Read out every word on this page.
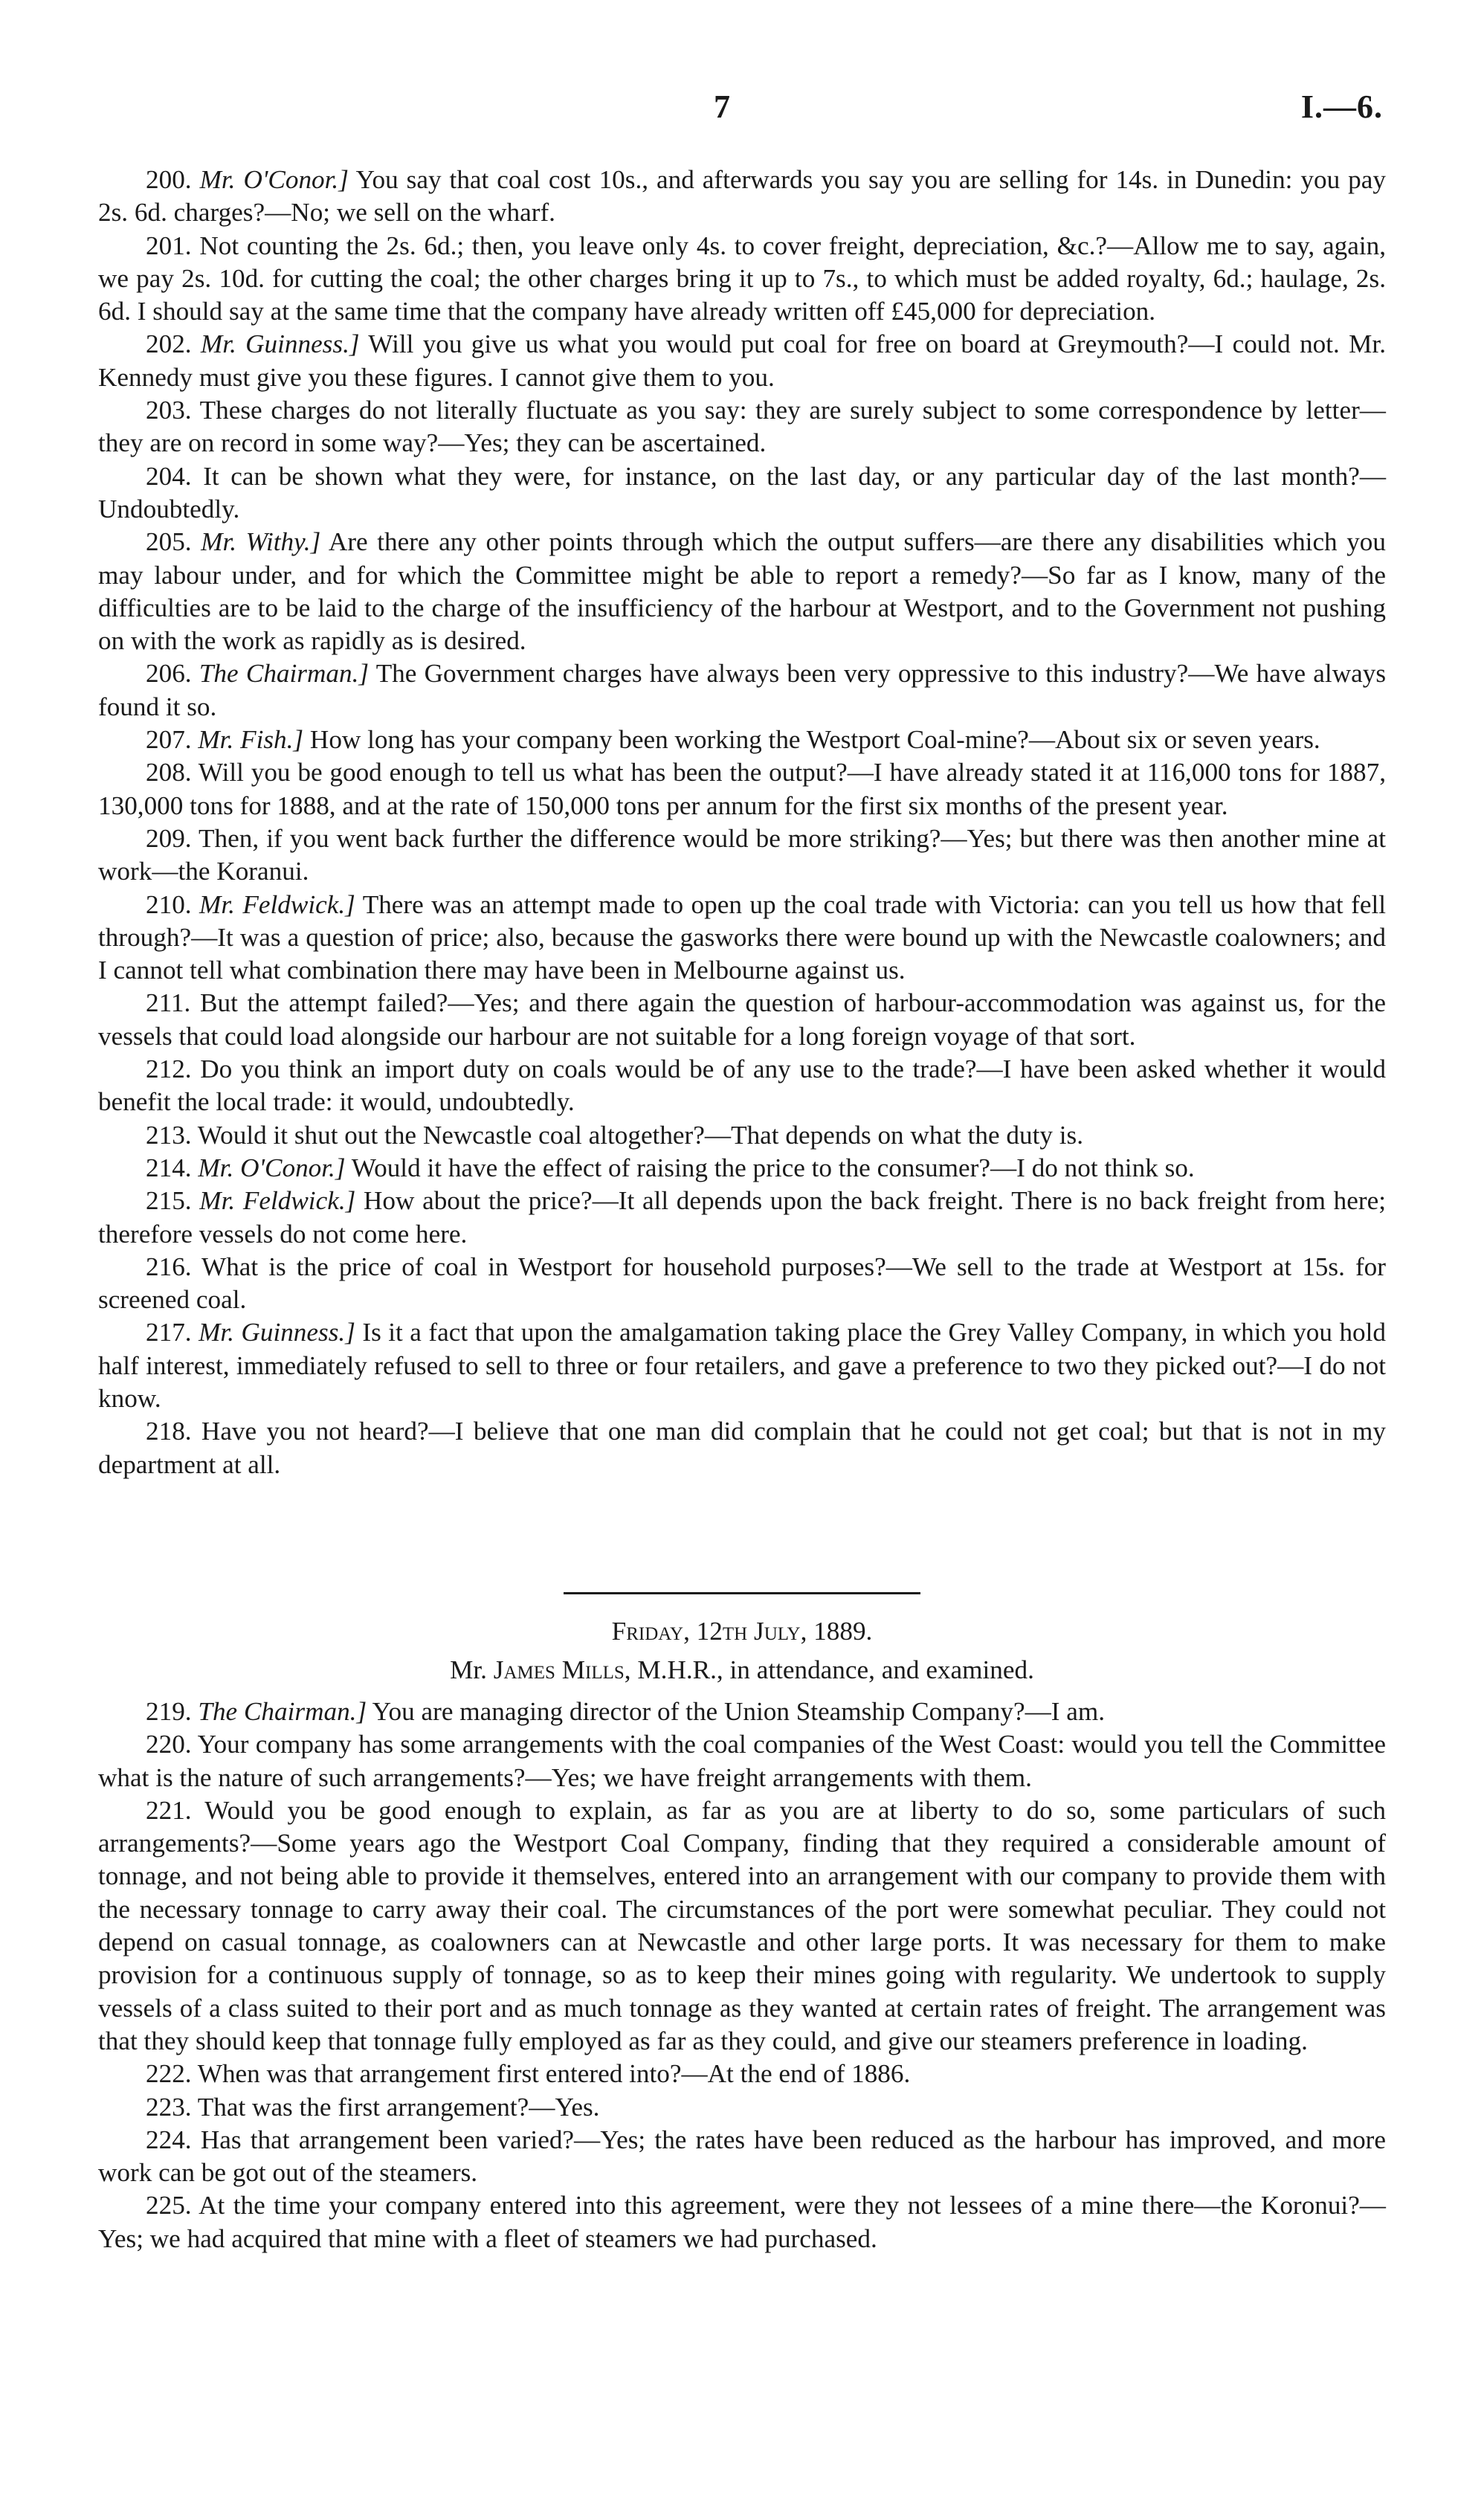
7	I.—6.

200. Mr. O'Conor.] You say that coal cost 10s., and afterwards you say you are selling for 14s. in Dunedin: you pay 2s. 6d. charges?—No; we sell on the wharf.

201. Not counting the 2s. 6d.; then, you leave only 4s. to cover freight, depreciation, &c.?—Allow me to say, again, we pay 2s. 10d. for cutting the coal; the other charges bring it up to 7s., to which must be added royalty, 6d.; haulage, 2s. 6d. I should say at the same time that the company have already written off £45,000 for depreciation.

202. Mr. Guinness.] Will you give us what you would put coal for free on board at Greymouth?—I could not. Mr. Kennedy must give you these figures. I cannot give them to you.

203. These charges do not literally fluctuate as you say: they are surely subject to some correspondence by letter—they are on record in some way?—Yes; they can be ascertained.

204. It can be shown what they were, for instance, on the last day, or any particular day of the last month?—Undoubtedly.

205. Mr. Withy.] Are there any other points through which the output suffers—are there any disabilities which you may labour under, and for which the Committee might be able to report a remedy?—So far as I know, many of the difficulties are to be laid to the charge of the insufficiency of the harbour at Westport, and to the Government not pushing on with the work as rapidly as is desired.

206. The Chairman.] The Government charges have always been very oppressive to this industry?—We have always found it so.

207. Mr. Fish.] How long has your company been working the Westport Coal-mine?—About six or seven years.

208. Will you be good enough to tell us what has been the output?—I have already stated it at 116,000 tons for 1887, 130,000 tons for 1888, and at the rate of 150,000 tons per annum for the first six months of the present year.

209. Then, if you went back further the difference would be more striking?—Yes; but there was then another mine at work—the Koranui.

210. Mr. Feldwick.] There was an attempt made to open up the coal trade with Victoria: can you tell us how that fell through?—It was a question of price; also, because the gasworks there were bound up with the Newcastle coalowners; and I cannot tell what combination there may have been in Melbourne against us.

211. But the attempt failed?—Yes; and there again the question of harbour-accommodation was against us, for the vessels that could load alongside our harbour are not suitable for a long foreign voyage of that sort.

212. Do you think an import duty on coals would be of any use to the trade?—I have been asked whether it would benefit the local trade: it would, undoubtedly.

213. Would it shut out the Newcastle coal altogether?—That depends on what the duty is.

214. Mr. O'Conor.] Would it have the effect of raising the price to the consumer?—I do not think so.

215. Mr. Feldwick.] How about the price?—It all depends upon the back freight. There is no back freight from here; therefore vessels do not come here.

216. What is the price of coal in Westport for household purposes?—We sell to the trade at Westport at 15s. for screened coal.

217. Mr. Guinness.] Is it a fact that upon the amalgamation taking place the Grey Valley Company, in which you hold half interest, immediately refused to sell to three or four retailers, and gave a preference to two they picked out?—I do not know.

218. Have you not heard?—I believe that one man did complain that he could not get coal; but that is not in my department at all.

Friday, 12th July, 1889.
Mr. James Mills, M.H.R., in attendance, and examined.

219. The Chairman.] You are managing director of the Union Steamship Company?—I am.

220. Your company has some arrangements with the coal companies of the West Coast: would you tell the Committee what is the nature of such arrangements?—Yes; we have freight arrangements with them.

221. Would you be good enough to explain, as far as you are at liberty to do so, some particulars of such arrangements?—Some years ago the Westport Coal Company, finding that they required a considerable amount of tonnage, and not being able to provide it themselves, entered into an arrangement with our company to provide them with the necessary tonnage to carry away their coal. The circumstances of the port were somewhat peculiar. They could not depend on casual tonnage, as coalowners can at Newcastle and other large ports. It was necessary for them to make provision for a continuous supply of tonnage, so as to keep their mines going with regularity. We undertook to supply vessels of a class suited to their port and as much tonnage as they wanted at certain rates of freight. The arrangement was that they should keep that tonnage fully employed as far as they could, and give our steamers preference in loading.

222. When was that arrangement first entered into?—At the end of 1886.

223. That was the first arrangement?—Yes.

224. Has that arrangement been varied?—Yes; the rates have been reduced as the harbour has improved, and more work can be got out of the steamers.

225. At the time your company entered into this agreement, were they not lessees of a mine there—the Koronui?—Yes; we had acquired that mine with a fleet of steamers we had purchased.
